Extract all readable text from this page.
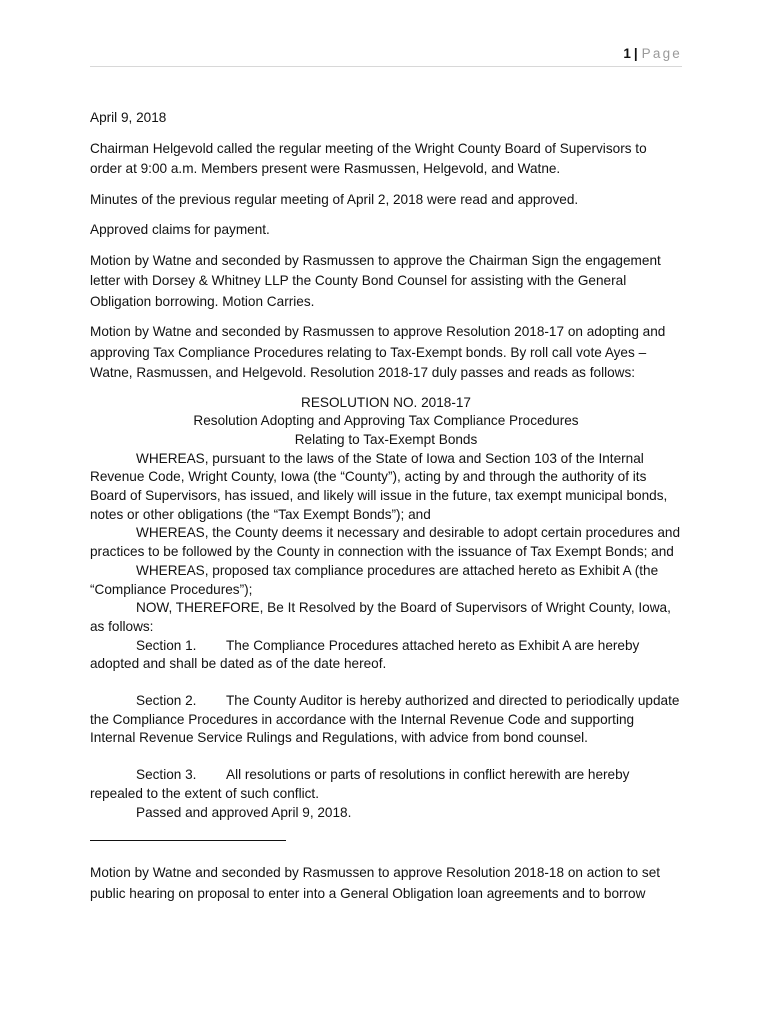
1 | Page

April 9, 2018

Chairman Helgevold called the regular meeting of the Wright County Board of Supervisors to order at 9:00 a.m. Members present were Rasmussen, Helgevold, and Watne.

Minutes of the previous regular meeting of April 2, 2018 were read and approved.

Approved claims for payment.

Motion by Watne and seconded by Rasmussen to approve the Chairman Sign the engagement letter with Dorsey & Whitney LLP the County Bond Counsel for assisting with the General Obligation borrowing. Motion Carries.

Motion by Watne and seconded by Rasmussen to approve Resolution 2018-17 on adopting and approving Tax Compliance Procedures relating to Tax-Exempt bonds. By roll call vote Ayes – Watne, Rasmussen, and Helgevold. Resolution 2018-17 duly passes and reads as follows:

RESOLUTION NO. 2018-17
Resolution Adopting and Approving Tax Compliance Procedures
Relating to Tax-Exempt Bonds
WHEREAS, pursuant to the laws of the State of Iowa and Section 103 of the Internal Revenue Code, Wright County, Iowa (the “County”), acting by and through the authority of its Board of Supervisors, has issued, and likely will issue in the future, tax exempt municipal bonds, notes or other obligations (the “Tax Exempt Bonds”); and
WHEREAS, the County deems it necessary and desirable to adopt certain procedures and practices to be followed by the County in connection with the issuance of Tax Exempt Bonds; and
WHEREAS, proposed tax compliance procedures are attached hereto as Exhibit A (the “Compliance Procedures”);
NOW, THEREFORE, Be It Resolved by the Board of Supervisors of Wright County, Iowa, as follows:
Section 1. The Compliance Procedures attached hereto as Exhibit A are hereby adopted and shall be dated as of the date hereof.
Section 2. The County Auditor is hereby authorized and directed to periodically update the Compliance Procedures in accordance with the Internal Revenue Code and supporting Internal Revenue Service Rulings and Regulations, with advice from bond counsel.
Section 3. All resolutions or parts of resolutions in conflict herewith are hereby repealed to the extent of such conflict.
Passed and approved April 9, 2018.

Motion by Watne and seconded by Rasmussen to approve Resolution 2018-18 on action to set public hearing on proposal to enter into a General Obligation loan agreements and to borrow
